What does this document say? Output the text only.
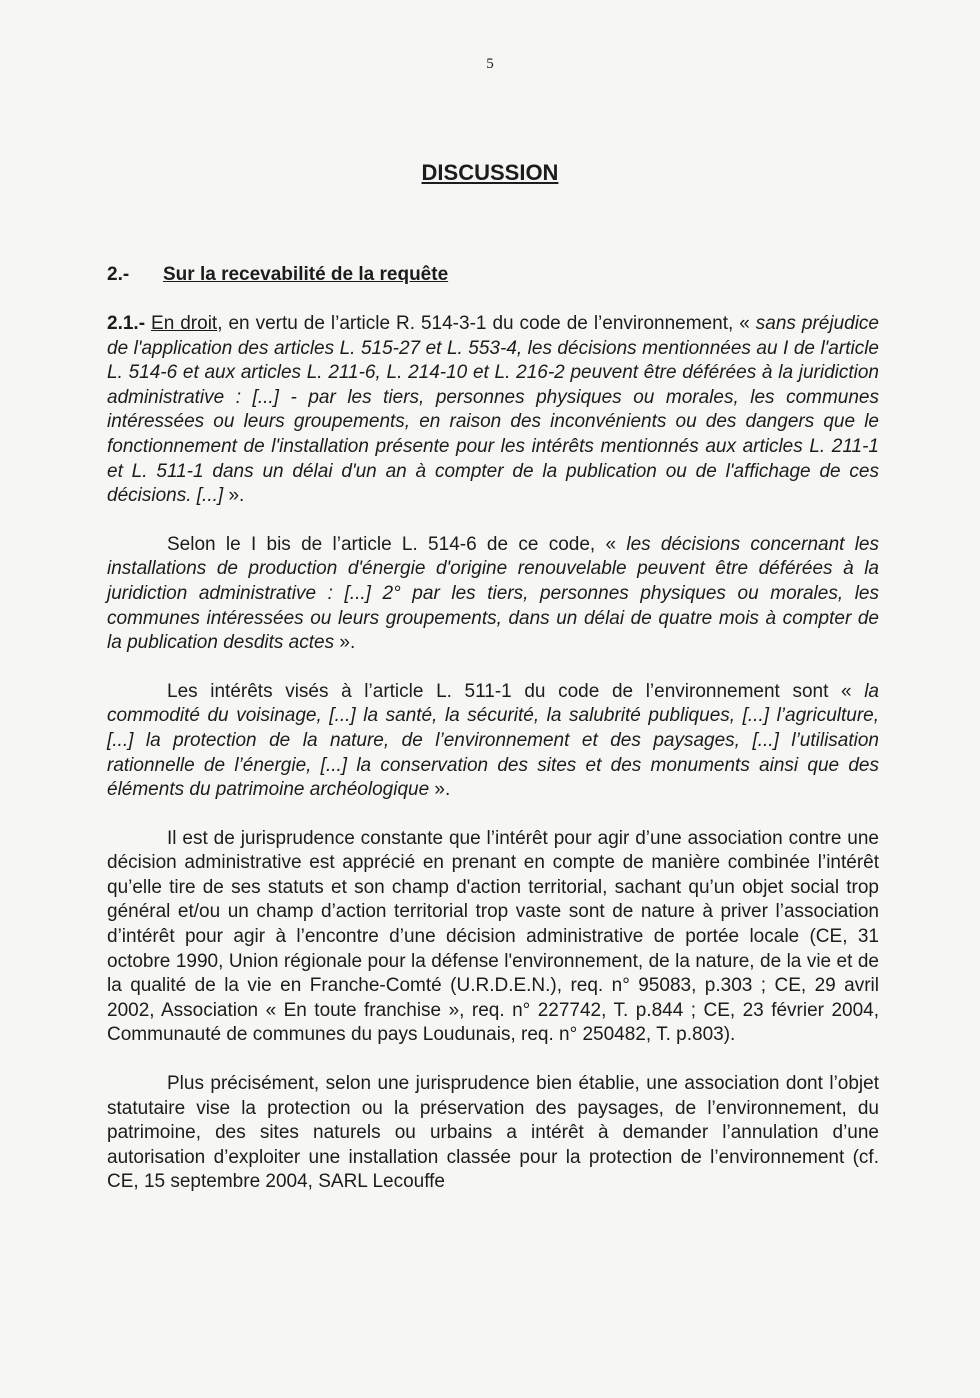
5
DISCUSSION
2.- Sur la recevabilité de la requête

2.1.- En droit, en vertu de l’article R. 514-3-1 du code de l’environnement, « sans préjudice de l'application des articles L. 515-27 et L. 553-4, les décisions mentionnées au I de l'article L. 514-6 et aux articles L. 211-6, L. 214-10 et L. 216-2 peuvent être déférées à la juridiction administrative : [...] - par les tiers, personnes physiques ou morales, les communes intéressées ou leurs groupements, en raison des inconvénients ou des dangers que le fonctionnement de l'installation présente pour les intérêts mentionnés aux articles L. 211-1 et L. 511-1 dans un délai d'un an à compter de la publication ou de l'affichage de ces décisions. [...] ».

Selon le I bis de l’article L. 514-6 de ce code, « les décisions concernant les installations de production d'énergie d'origine renouvelable peuvent être déférées à la juridiction administrative : [...] 2° par les tiers, personnes physiques ou morales, les communes intéressées ou leurs groupements, dans un délai de quatre mois à compter de la publication desdits actes ».

Les intérêts visés à l’article L. 511-1 du code de l’environnement sont « la commodité du voisinage, [...] la santé, la sécurité, la salubrité publiques, [...] l’agriculture, [...] la protection de la nature, de l’environnement et des paysages, [...] l’utilisation rationnelle de l’énergie, [...] la conservation des sites et des monuments ainsi que des éléments du patrimoine archéologique ».

Il est de jurisprudence constante que l’intérêt pour agir d’une association contre une décision administrative est apprécié en prenant en compte de manière combinée l’intérêt qu’elle tire de ses statuts et son champ d'action territorial, sachant qu’un objet social trop général et/ou un champ d’action territorial trop vaste sont de nature à priver l’association d’intérêt pour agir à l’encontre d’une décision administrative de portée locale (CE, 31 octobre 1990, Union régionale pour la défense l'environnement, de la nature, de la vie et de la qualité de la vie en Franche-Comté (U.R.D.E.N.), req. n° 95083, p.303 ; CE, 29 avril 2002, Association « En toute franchise », req. n° 227742, T. p.844 ; CE, 23 février 2004, Communauté de communes du pays Loudunais, req. n° 250482, T. p.803).

Plus précisément, selon une jurisprudence bien établie, une association dont l’objet statutaire vise la protection ou la préservation des paysages, de l’environnement, du patrimoine, des sites naturels ou urbains a intérêt à demander l’annulation d’une autorisation d’exploiter une installation classée pour la protection de l’environnement (cf. CE, 15 septembre 2004, SARL Lecouffe
